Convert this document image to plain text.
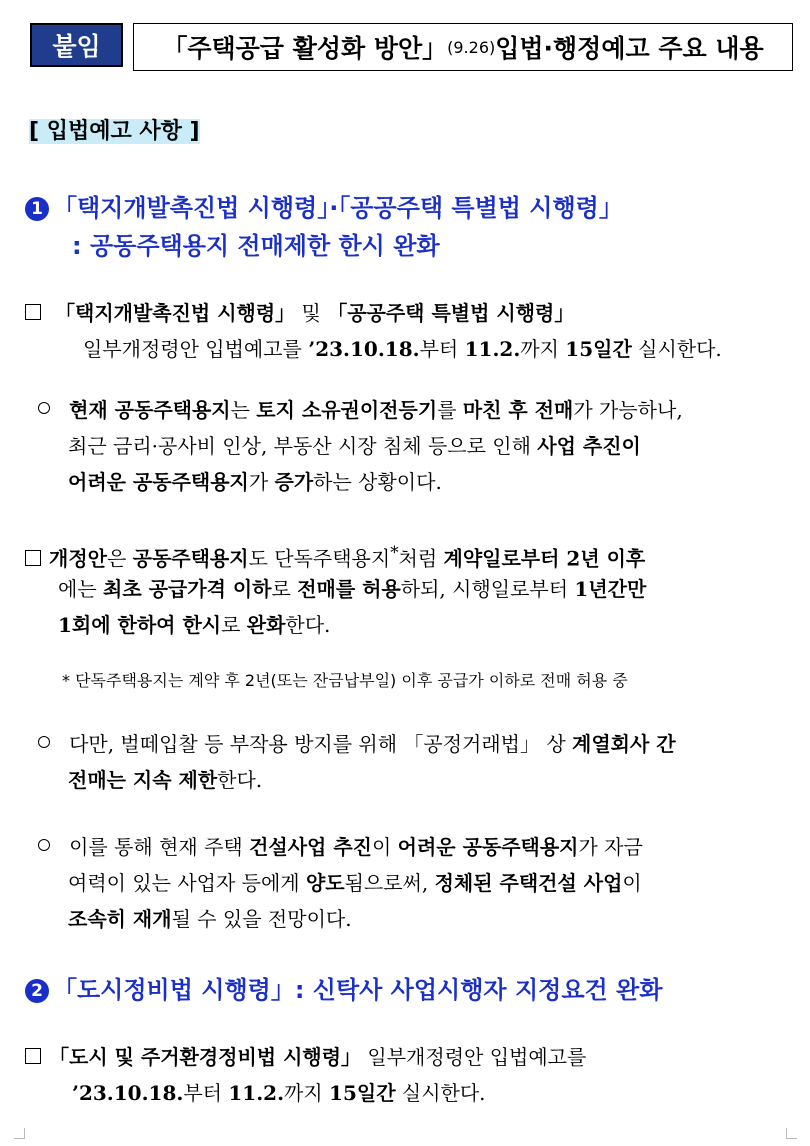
붙임	「주택공급 활성화 방안」 (9.26) 입법·행정예고 주요 내용
[ 입법예고 사항 ]
1 「택지개발촉진법 시행령」·「공공주택 특별법 시행령」
: 공동주택용지 전매제한 한시 완화
「택지개발촉진법 시행령」 및 「공공주택 특별법 시행령」
일부개정령안 입법예고를 ’23.10.18.부터 11.2.까지 15일간 실시한다.
현재 공동주택용지는 토지 소유권이전등기를 마친 후 전매가 가능하나,
최근 금리·공사비 인상, 부동산 시장 침체 등으로 인해 사업 추진이
어려운 공동주택용지가 증가하는 상황이다.
개정안은 공동주택용지도 단독주택용지*처럼 계약일로부터 2년 이후
에는 최초 공급가격 이하로 전매를 허용하되, 시행일로부터 1년간만
1회에 한하여 한시로 완화한다.
* 단독주택용지는 계약 후 2년(또는 잔금납부일) 이후 공급가 이하로 전매 허용 중
다만, 벌떼입찰 등 부작용 방지를 위해 「공정거래법」 상 계열회사 간
전매는 지속 제한한다.
이를 통해 현재 주택 건설사업 추진이 어려운 공동주택용지가 자금
여력이 있는 사업자 등에게 양도됨으로써, 정체된 주택건설 사업이
조속히 재개될 수 있을 전망이다.
2 「도시정비법 시행령」: 신탁사 사업시행자 지정요건 완화
「도시 및 주거환경정비법 시행령」 일부개정령안 입법예고를
’23.10.18.부터 11.2.까지 15일간 실시한다.
